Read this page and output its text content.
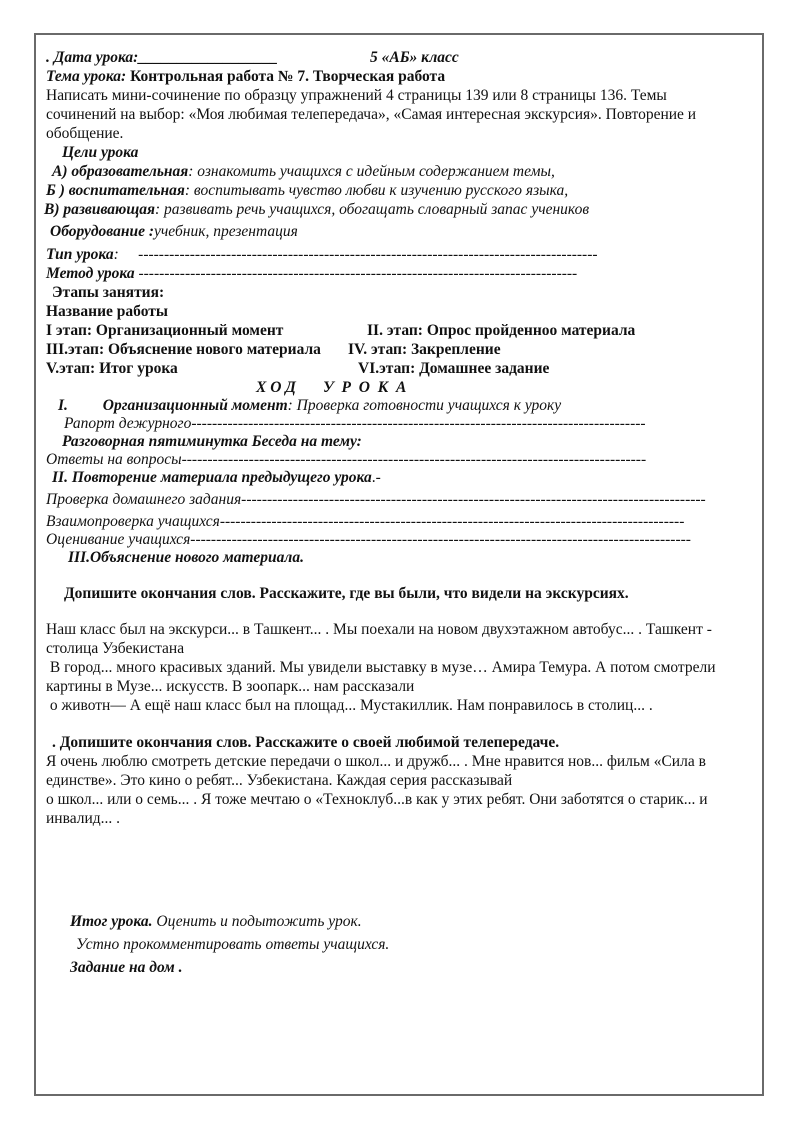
. Дата урока:__________________	5 «АБ» класс
Тема урока: Контрольная работа № 7. Творческая работа
Написать мини-сочинение по образцу упражнений 4 страницы 139 или 8 страницы 136. Темы
сочинений на выбор: «Моя любимая телепередача», «Самая интересная экскурсия». Повторение и
обобщение.
Цели урока
А) образовательная: ознакомить учащихся с идейным содержанием темы,
Б ) воспитательная: воспитывать чувство любви к изучению русского языка,
В) развивающая: развивать речь учащихся, обогащать словарный запас учеников
Оборудование :учебник, презентация
Тип урока: -----------------------------------------------------------------------------------------
Метод урока -------------------------------------------------------------------------------------
Этапы занятия:
Название работы
I этап: Организационный момент	II. этап: Опрос пройденноо материала
III.этап: Объяснение нового материала IV. этап: Закрепление
V.этап: Итог урока	VI.этап: Домашнее задание
Х О Д       У  Р  О  К  А
I. Организационный момент: Проверка готовности учащихся к уроку
Рапорт дежурного----------------------------------------------------------------------------------------
Разговорная пятиминутка Беседа на тему:
Ответы на вопросы------------------------------------------------------------------------------------------
II. Повторение материала предыдущего урока.-
Проверка домашнего задания------------------------------------------------------------------------------------------
Взаимопроверка учащихся------------------------------------------------------------------------------------------
Оценивание учащихся-------------------------------------------------------------------------------------------------
III.Объяснение нового материала.
Допишите окончания слов. Расскажите, где вы были, что видели на экскурсиях.
Наш класс был на экскурси... в Ташкент... . Мы поехали на новом двухэтажном автобус... . Ташкент -
столица Узбекистана
В город... много красивых зданий. Мы увидели выставку в музе… Амира Темура. А потом смотрели
картины в Музе... искусств. В зоопарк... нам рассказали
о животн— А ещё наш класс был на площад... Мустакиллик. Нам понравилось в столиц... .
. Допишите окончания слов. Расскажите о своей любимой телепередаче.
Я очень люблю смотреть детские передачи о школ... и дружб... . Мне нравится нов... фильм «Сила в
единстве». Это кино о ребят... Узбекистана. Каждая серия рассказывай
о школ... или о семь... . Я тоже мечтаю о «Техноклуб...в как у этих ребят. Они заботятся о старик... и
инвалид... .
Итог урока. Оценить и подытожить урок.
Устно прокомментировать ответы учащихся.
Задание на дом .
